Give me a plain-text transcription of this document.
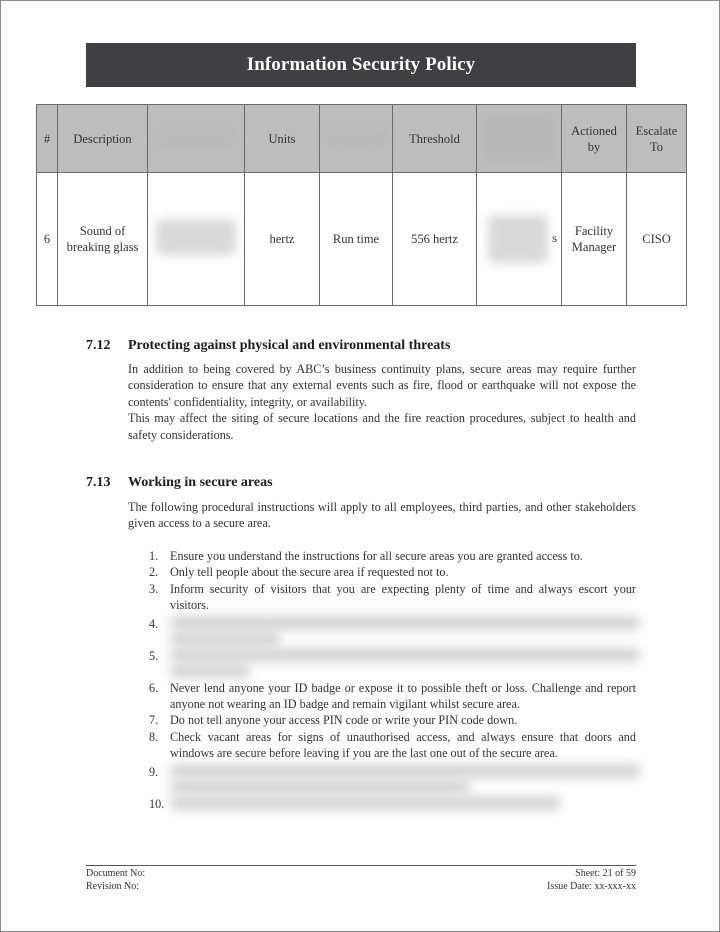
Information Security Policy
#	Description		Units		Threshold		Actioned by	Escalate To
6	Sound of breaking glass		hertz	Run time	556 hertz	s	Facility Manager	CISO
7.12 Protecting against physical and environmental threats

In addition to being covered by ABC’s business continuity plans, secure areas may require further consideration to ensure that any external events such as fire, flood or earthquake will not expose the contents' confidentiality, integrity, or availability.

This may affect the siting of secure locations and the fire reaction procedures, subject to health and safety considerations.

7.13 Working in secure areas

The following procedural instructions will apply to all employees, third parties, and other stakeholders given access to a secure area.

1. Ensure you understand the instructions for all secure areas you are granted access to.
2. Only tell people about the secure area if requested not to.
3. Inform security of visitors that you are expecting plenty of time and always escort your visitors.
4.
5.
6. Never lend anyone your ID badge or expose it to possible theft or loss. Challenge and report anyone not wearing an ID badge and remain vigilant whilst secure area.
7. Do not tell anyone your access PIN code or write your PIN code down.
8. Check vacant areas for signs of unauthorised access, and always ensure that doors and windows are secure before leaving if you are the last one out of the secure area.
9.
10.
Document No:	Sheet: 21 of 59
Revision No:	Issue Date: xx-xxx-xx
